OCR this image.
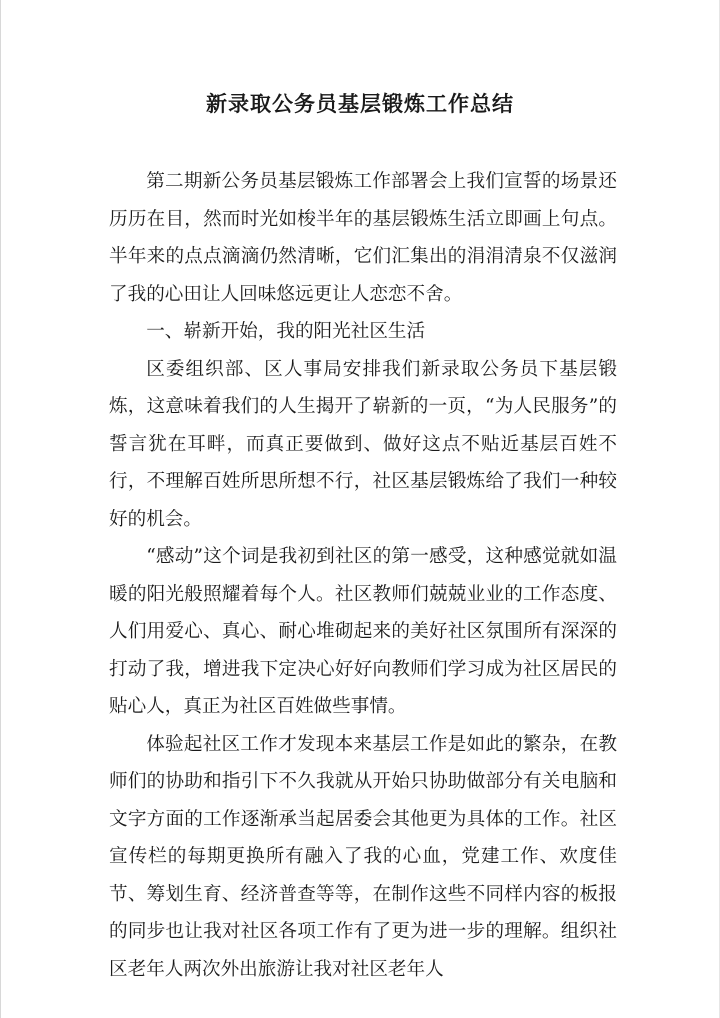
新录取公务员基层锻炼工作总结

第二期新公务员基层锻炼工作部署会上我们宣誓的场景还历历在目，然而时光如梭半年的基层锻炼生活立即画上句点。半年来的点点滴滴仍然清晰，它们汇集出的涓涓清泉不仅滋润了我的心田让人回味悠远更让人恋恋不舍。

一、崭新开始，我的阳光社区生活

区委组织部、区人事局安排我们新录取公务员下基层锻炼，这意味着我们的人生揭开了崭新的一页，“为人民服务”的誓言犹在耳畔，而真正要做到、做好这点不贴近基层百姓不行，不理解百姓所思所想不行，社区基层锻炼给了我们一种较好的机会。

“感动”这个词是我初到社区的第一感受，这种感觉就如温暖的阳光般照耀着每个人。社区教师们兢兢业业的工作态度、人们用爱心、真心、耐心堆砌起来的美好社区氛围所有深深的打动了我，增进我下定决心好好向教师们学习成为社区居民的贴心人，真正为社区百姓做些事情。

体验起社区工作才发现本来基层工作是如此的繁杂，在教师们的协助和指引下不久我就从开始只协助做部分有关电脑和文字方面的工作逐渐承当起居委会其他更为具体的工作。社区宣传栏的每期更换所有融入了我的心血，党建工作、欢度佳节、筹划生育、经济普查等等，在制作这些不同样内容的板报的同步也让我对社区各项工作有了更为进一步的理解。组织社区老年人两次外出旅游让我对社区老年人
